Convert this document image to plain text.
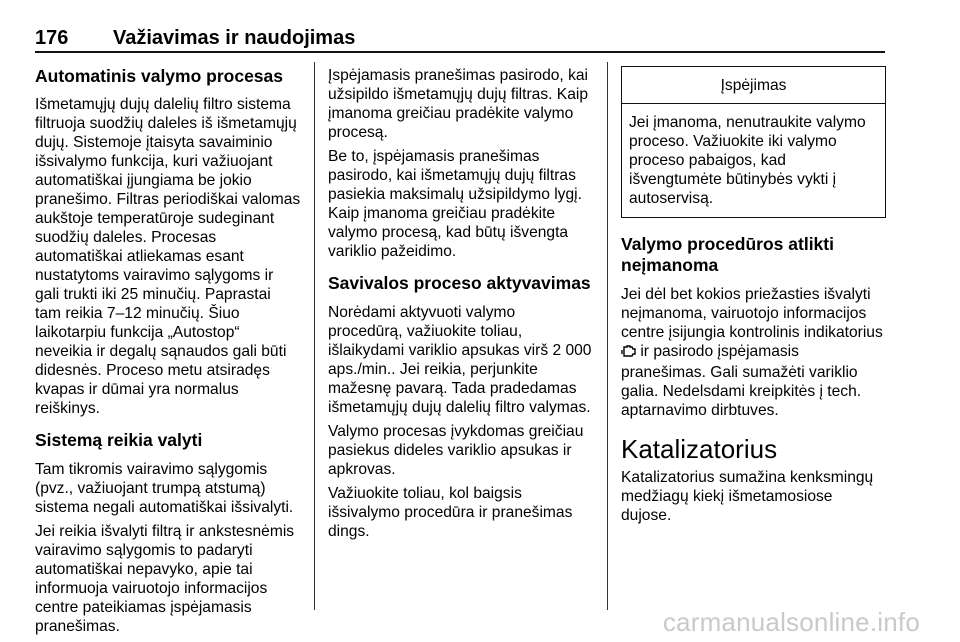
176 Važiavimas ir naudojimas
Automatinis valymo procesas

Išmetamųjų dujų dalelių filtro sistema filtruoja suodžių daleles iš išmetamųjų dujų. Sistemoje įtaisyta savaiminio išsivalymo funkcija, kuri važiuojant automatiškai įjungiama be jokio pranešimo. Filtras periodiškai valomas aukštoje temperatūroje sudeginant suodžių daleles. Procesas automatiškai atliekamas esant nustatytoms vairavimo sąlygoms ir gali trukti iki 25 minučių. Paprastai tam reikia 7–12 minučių. Šiuo laikotarpiu funkcija „Autostop“ neveikia ir degalų sąnaudos gali būti didesnės. Proceso metu atsiradęs kvapas ir dūmai yra normalus reiškinys.

Sistemą reikia valyti

Tam tikromis vairavimo sąlygomis (pvz., važiuojant trumpą atstumą) sistema negali automatiškai išsivalyti.

Jei reikia išvalyti filtrą ir ankstesnėmis vairavimo sąlygomis to padaryti automatiškai nepavyko, apie tai informuoja vairuotojo informacijos centre pateikiamas įspėjamasis pranešimas.

Įspėjamasis pranešimas pasirodo, kai užsipildo išmetamųjų dujų filtras. Kaip įmanoma greičiau pradėkite valymo procesą.

Be to, įspėjamasis pranešimas pasirodo, kai išmetamųjų dujų filtras pasiekia maksimalų užsipildymo lygį. Kaip įmanoma greičiau pradėkite valymo procesą, kad būtų išvengta variklio pažeidimo.

Savivalos proceso aktyvavimas

Norėdami aktyvuoti valymo procedūrą, važiuokite toliau, išlaikydami variklio apsukas virš 2 000 aps./min.. Jei reikia, perjunkite mažesnę pavarą. Tada pradedamas išmetamųjų dujų dalelių filtro valymas.

Valymo procesas įvykdomas greičiau pasiekus dideles variklio apsukas ir apkrovas.

Važiuokite toliau, kol baigsis išsivalymo procedūra ir pranešimas dings.

Įspėjimas
Jei įmanoma, nenutraukite valymo proceso. Važiuokite iki valymo proceso pabaigos, kad išvengtumėte būtinybės vykti į autoservisą.
Valymo procedūros atlikti neįmanoma

Jei dėl bet kokios priežasties išvalyti neįmanoma, vairuotojo informacijos centre įsijungia kontrolinis indikatorius  ir pasirodo įspėjamasis pranešimas. Gali sumažėti variklio galia. Nedelsdami kreipkitės į tech. aptarnavimo dirbtuves.

Katalizatorius

Katalizatorius sumažina kenksmingų medžiagų kiekį išmetamosiose dujose.

carmanualsonline.info
